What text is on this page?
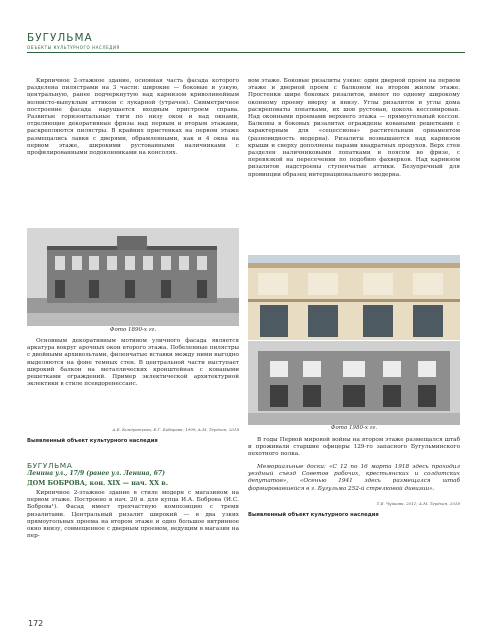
БУГУЛЬМА
ОБЪЕКТЫ КУЛЬТУРНОГО НАСЛЕДИЯ

Кирпичное 2-этажное здание, основная часть фасада которого разделена пилястрами на 3 части: широкие — боковые и узкую, центральную, ранее подчеркнутую над карнизом криволинейным волнисто-выпуклым аттиком с лукарной (утрачен). Симметричное построение фасада нарушается входным пристроем справа. Развитые горизонтальные тяги по низу окон и над окнами, отделяющие декоративные фризы над первым и вторым этажами, раскрепляются пилястры. В крайних пристенках на первом этаже размещались лавки с дверями, обрамленными, как и 4 окна на первом этаже, широкими рустованными наличниками с профилированными подоконниками на консолях.

вом этаже. Боковые ризалиты узкие: один дверной проем на первом этаже и дверной проем с балконом на втором жилом этаже. Простенки шире боковых ризалитов, имеют по одному широкому оконному проему вверху и внизу. Углы ризалитов и углы дома раскреповаты лопатками, их шов рустован, цоколь кессонирован. Над оконными проемами верхнего этажа — прямоугольный кессон. Балконы в боковых ризалитах ограждены коваными решетками с характерным для «сецессиона» растительным орнаментом (разновидность модерна). Ризалиты возвышаются над карнизом крыши и сверху дополнены парами квадратных продухов. Верх стен разделен наличниковыми лопатками и поясом во фризе, с перевязкой на пересечении по подобию фахверков. Над карнизом ризалитов надстроены ступенчатые аттики. Безупречный для провинции образец интернационального модерна.

Фото 1890-х гг.
Фото 1980-х гг.

Основным декоративным мотивом уличного фасада является аркатура вокруг арочных окон второго этажа. Побеленные пилястры с двойными архивольтами, филенчатые вставки между ними выгодно выделяются на фоне темных стен. В центральной части выступает широкий балкон на металлических кронштейнах с коваными решетками ограждений. Пример эклектической архитектурной эклектики в стиле псевдоренессанс.

А.Е. Кондратьева, Е.Г. Бобарева, 1999; А.М. Терёхин, 2018
Выявленный объект культурного наследия
БУГУЛЬМА
Ленина ул., 17/9 (ранее ул. Ленина, 67)
ДОМ БОБРОВА, кон. XIX — нач. XX в.

Кирпичное 2-этажное здание в стиле модерн с магазином на первом этаже. Построено в нач. 20 в. для купца И.А. Боброва (И.С. Боброва¹). Фасад имеет трехчастную композицию с тремя ризалитами. Центральный ризалит широкий — в два узких прямоугольных проема на втором этаже и одно большое витринное окно внизу, совмещенное с дверным проемом, ведущим в магазин на пер-

В годы Первой мировой войны на втором этаже размещался штаб и проживали старшие офицеры 129-го запасного Бугульминского пехотного полка.

Мемориальные доски: «С 12 по 16 марта 1918 здесь проходил уездный съезд Советов рабочих, крестьянских и солдатских депутатов», «Осенью 1941 здесь размещался штаб формировавшейся в г. Бугульма 252-й стрелковой дивизии».

Т.Е. Чуйкова, 2011; А.М. Терёхин, 2018
Выявленный объект культурного наследия
172
